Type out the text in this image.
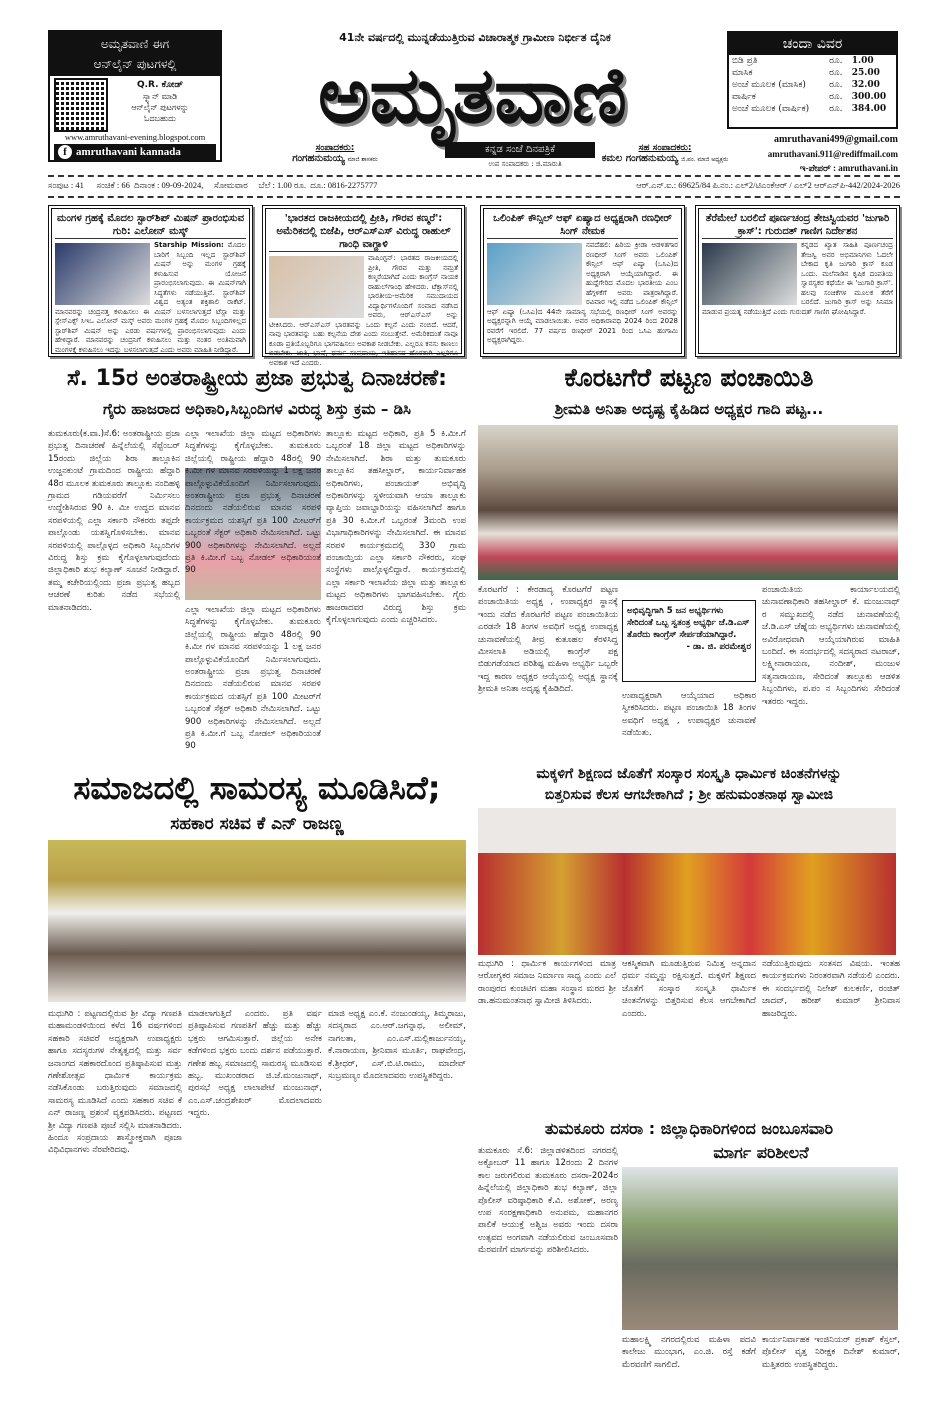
ಅಮೃತವಾಣಿ ಈಗ
ಆನ್‌ಲೈನ್ ಪುಟಗಳಲ್ಲಿ
Q.R. ಕೋಡ್
ಸ್ಕ್ಯಾನ್ ಮಾಡಿ
ಆನ್‌ಲೈನ್ ಪುಟಗಳನ್ನು
ಓದಬಹುದು
www.amruthavani-evening.blogspot.com
f amruthavani kannada
41ನೇ ವರ್ಷದಲ್ಲಿ ಮುನ್ನಡೆಯುತ್ತಿರುವ ವಿಚಾರಾತ್ಮಕ ಗ್ರಾಮೀಣ ನಿರ್ಭೀತ ದೈನಿಕ
ಅಮೃತವಾಣಿ
ಕನ್ನಡ ಸಂಜೆ ದಿನಪತ್ರಿಕೆ
ಉಪ ಸಂಪಾದಕರು : ಜಿ.ಮಾರುತಿ
ಸಂಪಾದಕರು:
ಗಂಗಹನುಮಯ್ಯ ಮಾಜಿ ಶಾಸಕರು
ಸಹ ಸಂಪಾದಕರು:
ಕಮಲ ಗಂಗಹನುಮಯ್ಯ ಜಿ.ಪಂ. ಮಾಜಿ ಅಧ್ಯಕ್ಷರು
ಚಂದಾ ವಿವರ
ಬಿಡಿ ಪ್ರತಿ	ರೂ.	1.00
ಮಾಸಿಕ	ರೂ.	25.00
ಅಂಚೆ ಮೂಲಕ (ಮಾಸಿಕ)	ರೂ.	32.00
ವಾರ್ಷಿಕ	ರೂ.	300.00
ಅಂಚೆ ಮೂಲಕ (ವಾರ್ಷಿಕ)	ರೂ.	384.00
amruthavani499@gmail.com
amruthavani.911@rediffmail.com
ಇ-ಪೇಪರ್ : amruthavani.in
ಸಂಪುಟ : 41      ಸಂಚಿಕೆ : 66  ದಿನಾಂಕ : 09-09-2024,     ಸೋಮವಾರ     ಬೆಲೆ : 1.00 ರೂ.  ದೂ.: 0816-2275777	ಆರ್.ಎನ್.ಐ.: 69625/84 ಪಿ.ನಂ.: ಎಲ್2/ಟಿಎಂಕೆಆರ್ / ಎಲ್2 ಆರ್‌ಎನ್‌ಪಿ-442/2024-2026
ಮಂಗಳ ಗ್ರಹಕ್ಕೆ ಮೊದಲ ಸ್ಟಾರ್‌ಶಿಪ್ ಮಿಷನ್ ಪ್ರಾರಂಭಿಸುವ ಗುರಿ: ಎಲೋನ್ ಮಸ್ಕ್
Starship Mission: ಮೊದಲ ಬಾರಿಗೆ ಸಿಬ್ಬಂದಿ ಇಲ್ಲದ ಸ್ಟಾರ್‌ಶಿಪ್ ಮಿಷನ್ ಅನ್ನು ಮಂಗಳ ಗ್ರಹಕ್ಕೆ ಕಳುಹಿಸುವ ಯೋಜನೆ ಪ್ರಾರಂಭಿಸಲಾಗುವುದು. ಈ ಮಿಷನ್‌ಗಾಗಿ ಸಿದ್ಧತೆಗಳು ನಡೆಯುತ್ತಿವೆ. ಸ್ಟಾರ್‌ಶಿಪ್ ವಿಶ್ವದ ಅತ್ಯಂತ ಶಕ್ತಿಶಾಲಿ ರಾಕೆಟ್. ಮಾನವರನ್ನು ಚಂದ್ರನತ್ತ ಕಳುಹಿಸಲು ಈ ಮಿಷನ್ ಬಳಸಲಾಗುತ್ತದೆ ಟೆಸ್ಲಾ ಮತ್ತು ಸ್ಪೇಸ್‌ಎಕ್ಸ್ ಸಿಇಒ ಎಲೋನ್ ಮಸ್ಕ್ ಅವರು ಮಂಗಳ ಗ್ರಹಕ್ಕೆ ಮೊದಲ ಸಿಬ್ಬಂದಿಗಳಿಲ್ಲದ ಸ್ಟಾರ್‌ಶಿಪ್ ಮಿಷನ್ ಅನ್ನು ಎರಡು ವರ್ಷಗಳಲ್ಲಿ ಪ್ರಾರಂಭಿಸಲಾಗುವುದು ಎಂದು ಹೇಳಿದ್ದಾರೆ. ಮಾನವರನ್ನು ಚಂದ್ರನಿಗೆ ಕಳುಹಿಸಲು ಮತ್ತು ನಂತರ ಅಂತಿಮವಾಗಿ ಮಂಗಳಕ್ಕೆ ಕಳುಹಿಸಲು ಇದನ್ನು ಬಳಸಲಾಗುತ್ತದೆ ಎಂದು ಅವರು ಮಾಹಿತಿ ನೀಡಿದ್ದಾರೆ.
'ಭಾರತದ ರಾಜಕೀಯದಲ್ಲಿ ಪ್ರೀತಿ, ಗೌರವ ಕಣ್ಮರೆ': ಅಮೆರಿಕದಲ್ಲಿ ಬಿಜೆಪಿ, ಆರ್‌ಎಸ್‌ಎಸ್ ವಿರುದ್ಧ ರಾಹುಲ್ ಗಾಂಧಿ ವಾಗ್ದಾಳಿ
ವಾಷಿಂಗ್ಟನ್: ಭಾರತದ ರಾಜಕೀಯದಲ್ಲಿ ಪ್ರೀತಿ, ಗೌರವ ಮತ್ತು ನಮ್ರತೆ ಕಣ್ಮರೆಯಾಗಿದೆ ಎಂದು ಕಾಂಗ್ರೆಸ್ ನಾಯಕ ರಾಹುಲ್‌ಗಾಂಧಿ ಹೇಳಿದರು. ಟೆಕ್ಸಾಸ್‌ನಲ್ಲಿ ಭಾರತೀಯ-ಅಮೆರಿಕ ಸಮುದಾಯದ ವಿದ್ಯಾರ್ಥಿಗಳೊಂದಿಗೆ ಸಂವಾದ ನಡೆಸಿದ ಅವರು, ಆರ್‌ಎಸ್‌ಎಸ್ ಅನ್ನು ಟೀಕಿಸಿದರು. ಆರ್‌ಎಸ್‌ಎಸ್ ಭಾರತವನ್ನು ಒಂದು ಕಲ್ಪನೆ ಎಂದು ನಂಬಿದೆ. ಆದರೆ, ನಾವು ಭಾರತವನ್ನು ಬಹು ಕಲ್ಪನೆಯ ದೇಶ ಎಂದು ನಂಬುತ್ತೇವೆ. ಅಮೆರಿಕದಂತೆ ನಾವೂ ಕೂಡಾ ಪ್ರತಿಯೊಬ್ಬರಿಗೂ ಭಾಗವಹಿಸಲು ಅವಕಾಶ ನೀಡಬೇಕು. ಎಲ್ಲರೂ ಕನಸು ಕಾಣಲು ಬಿಡಬೇಕು. ಜಾತಿ, ಭಾಷೆ, ಧರ್ಮ ಸಂಪ್ರದಾಯ, ಇತಿಹಾಸದ ಹೊರತಾಗಿ ಎಲ್ಲರಿಗೂ ಅವಕಾಶ ಇದೆ ಎಂದರು.
ಒಲಿಂಪಿಕ್ ಕೌನ್ಸಿಲ್ ಆಫ್ ಏಷ್ಯಾದ ಅಧ್ಯಕ್ಷರಾಗಿ ರಣಧೀರ್ ಸಿಂಗ್ ನೇಮಕ
ನವದೆಹಲಿ: ಹಿರಿಯ ಕ್ರೀಡಾ ಆಡಳಿತಗಾರ ರಣಧೀರ್ ಸಿಂಗ್ ಅವರು ಒಲಿಂಪಿಕ್ ಕೌನ್ಸಿಲ್ ಆಫ್ ಏಷ್ಯಾ (ಒಸಿಎ)ದ ಅಧ್ಯಕ್ಷರಾಗಿ ಆಯ್ಕೆಯಾಗಿದ್ದಾರೆ. ಈ ಹುದ್ದೆಗೇರಿದ ಮೊದಲ ಭಾರತೀಯ ಎಂಬ ಹೆಗ್ಗಳಿಕೆಗೆ ಅವರು ಪಾತ್ರರಾಗಿದ್ದಾರೆ. ರವಿವಾರ ಇಲ್ಲಿ ನಡೆದ ಒಲಿಂಪಿಕ್ ಕೌನ್ಸಿಲ್ ಆಫ್ ಏಷ್ಯಾ (ಒಸಿಎ)ದ 44ನೇ ಸಾಮಾನ್ಯ ಸಭೆಯಲ್ಲಿ ರಣಧೀರ್ ಸಿಂಗ್ ಅವರನ್ನು ಅಧ್ಯಕ್ಷರನ್ನಾಗಿ ಆಯ್ಕೆ ಮಾಡಲಾಯಿತು. ಅವರ ಅಧಿಕಾರಾವಧಿ 2024 ರಿಂದ 2028 ರವರೆಗೆ ಇರಲಿದೆ. 77 ವರ್ಷದ ರಣಧೀರ್ 2021 ರಿಂದ ಒಸಿಎ ಹಂಗಾಮಿ ಅಧ್ಯಕ್ಷರಾಗಿದ್ದರು.
ತೆರೆಮೇಲೆ ಬರಲಿದೆ ಪೂರ್ಣಚಂದ್ರ ತೇಜಸ್ವಿಯವರ 'ಜುಗಾರಿ ಕ್ರಾಸ್': ಗುರುದತ್ ಗಾಣಿಗ ನಿರ್ದೇಶನ
ಕನ್ನಡದ ಖ್ಯಾತ ಸಾಹಿತಿ ಪೂರ್ಣಚಂದ್ರ ತೇಜಸ್ವಿ ಅವರ ಅಭಿಮಾನಿಗಳು ಓದಲೇ ಬೇಕಾದ ಕೃತಿ ಜುಗಾರಿ ಕ್ರಾಸ್ ಕೂಡ ಒಂದು. ಮಲೆನಾಡಿನ ಕೃಷಿಕ ದಂಪತಿಯ ಸ್ವಾರಸ್ಯಕರ ಕಥೆಯೇ ಈ 'ಜುಗಾರಿ ಕ್ರಾಸ್'. ಹಲವು ಸಂಚಿಕೆಗಳ ಮೂಲಕ ತೆರೆಗೆ ಬರಲಿದೆ. ಜುಗಾರಿ ಕ್ರಾಸ್ ಅನ್ನು ಸಿನಿಮಾ ಮಾಡುವ ಪ್ರಯತ್ನ ನಡೆಯುತ್ತಿದೆ ಎಂದು ಗುರುದತ್ ಗಾಣಿಗ ಘೋಷಿಸಿದ್ದಾರೆ.
ಸೆ. 15ರ ಅಂತರಾಷ್ಟ್ರೀಯ ಪ್ರಜಾ ಪ್ರಭುತ್ವ ದಿನಾಚರಣೆ:
ಗೈರು ಹಾಜರಾದ ಅಧಿಕಾರಿ,ಸಿಬ್ಬಂದಿಗಳ ವಿರುದ್ಧ ಶಿಸ್ತು ಕ್ರಮ – ಡಿಸಿ
ತುಮಕೂರು(ಕ.ವಾ.)ಸೆ.6: ಅಂತರಾಷ್ಟ್ರೀಯ ಪ್ರಜಾ ಪ್ರಭುತ್ವ ದಿನಾಚರಣೆ ಹಿನ್ನೆಲೆಯಲ್ಲಿ ಸೆಪ್ಟೆಂಬರ್ 15ರಂದು ಜಿಲ್ಲೆಯ ಶಿರಾ ತಾಲ್ಲೂಕಿನ ಉಜ್ಜನಕುಂಟೆ ಗ್ರಾಮದಿಂದ ರಾಷ್ಟ್ರೀಯ ಹೆದ್ದಾರಿ 48ರ ಮೂಲಕ ತುಮಕೂರು ತಾಲ್ಲೂಕು ನಂದಿಹಳ್ಳಿ ಗ್ರಾಮದ ಗಡಿಯವರೆಗೆ ನಿರ್ಮಿಸಲು ಉದ್ದೇಶಿಸಿರುವ 90 ಕಿ. ಮೀ ಉದ್ದದ ಮಾನವ ಸರಪಳಿಯಲ್ಲಿ ಎಲ್ಲಾ ಸರ್ಕಾರಿ ನೌಕರರು ತಪ್ಪದೇ ಪಾಲ್ಗೊಂಡು ಯಶಸ್ವಿಗೊಳಿಸಬೇಕು. ಮಾನವ ಸರಪಳಿಯಲ್ಲಿ ಪಾಲ್ಗೊಳ್ಳದ ಅಧಿಕಾರಿ ಸಿಬ್ಬಂದಿಗಳ ವಿರುದ್ಧ ಶಿಸ್ತು ಕ್ರಮ ಕೈಗೊಳ್ಳಲಾಗುವುದೆಂದು ಜಿಲ್ಲಾಧಿಕಾರಿ ಶುಭ ಕಲ್ಯಾಣ್ ಸೂಚನೆ ನೀಡಿದ್ದಾರೆ. ತಮ್ಮ ಕಚೇರಿಯಲ್ಲಿಂದು ಪ್ರಜಾ ಪ್ರಭುತ್ವ ಹಬ್ಬದ ಆಚರಣೆ ಕುರಿತು ನಡೆದ ಸಭೆಯಲ್ಲಿ ಮಾತನಾಡಿದರು.
ಎಲ್ಲಾ ಇಲಾಖೆಯ ಜಿಲ್ಲಾ ಮಟ್ಟದ ಅಧಿಕಾರಿಗಳು ಸಿದ್ಧತೆಗಳನ್ನು ಕೈಗೊಳ್ಳಬೇಕು. ತುಮಕೂರು ಜಿಲ್ಲೆಯಲ್ಲಿ ರಾಷ್ಟ್ರೀಯ ಹೆದ್ದಾರಿ 48ರಲ್ಲಿ 90 ಕಿ.ಮೀ ಗಳ ಮಾನವ ಸರಪಳಿಯನ್ನು 1 ಲಕ್ಷ ಜನರ ಪಾಲ್ಗೊಳ್ಳುವಿಕೆಯೊಂದಿಗೆ ನಿರ್ಮಿಸಲಾಗುವುದು. ಅಂತರಾಷ್ಟ್ರೀಯ ಪ್ರಜಾ ಪ್ರಭುತ್ವ ದಿನಾಚರಣೆ ದಿನದಂದು ನಡೆಯಲಿರುವ ಮಾನವ ಸರಪಳಿ ಕಾರ್ಯಕ್ರಮದ ಯಶಸ್ಸಿಗೆ ಪ್ರತಿ 100 ಮೀಟರ್‌ಗೆ ಒಬ್ಬರಂತೆ ಸೆಕ್ಟರ್ ಅಧಿಕಾರಿ ನೇಮಿಸಲಾಗಿದೆ. ಒಟ್ಟು 900 ಅಧಿಕಾರಿಗಳನ್ನು ನೇಮಿಸಲಾಗಿದೆ. ಅಲ್ಲದೆ ಪ್ರತಿ ಕಿ.ಮೀ.ಗೆ ಒಬ್ಬ ನೋಡಲ್ ಅಧಿಕಾರಿಯಂತೆ 90
ಎಲ್ಲಾ ಇಲಾಖೆಯ ಜಿಲ್ಲಾ ಮಟ್ಟದ ಅಧಿಕಾರಿಗಳು ಸಿದ್ಧತೆಗಳನ್ನು ಕೈಗೊಳ್ಳಬೇಕು. ತುಮಕೂರು ಜಿಲ್ಲೆಯಲ್ಲಿ ರಾಷ್ಟ್ರೀಯ ಹೆದ್ದಾರಿ 48ರಲ್ಲಿ 90 ಕಿ.ಮೀ ಗಳ ಮಾನವ ಸರಪಳಿಯನ್ನು 1 ಲಕ್ಷ ಜನರ ಪಾಲ್ಗೊಳ್ಳುವಿಕೆಯೊಂದಿಗೆ ನಿರ್ಮಿಸಲಾಗುವುದು. ಅಂತರಾಷ್ಟ್ರೀಯ ಪ್ರಜಾ ಪ್ರಭುತ್ವ ದಿನಾಚರಣೆ ದಿನದಂದು ನಡೆಯಲಿರುವ ಮಾನವ ಸರಪಳಿ ಕಾರ್ಯಕ್ರಮದ ಯಶಸ್ಸಿಗೆ ಪ್ರತಿ 100 ಮೀಟರ್‌ಗೆ ಒಬ್ಬರಂತೆ ಸೆಕ್ಟರ್ ಅಧಿಕಾರಿ ನೇಮಿಸಲಾಗಿದೆ. ಒಟ್ಟು 900 ಅಧಿಕಾರಿಗಳನ್ನು ನೇಮಿಸಲಾಗಿದೆ. ಅಲ್ಲದೆ ಪ್ರತಿ ಕಿ.ಮೀ.ಗೆ ಒಬ್ಬ ನೋಡಲ್ ಅಧಿಕಾರಿಯಂತೆ 90
ತಾಲ್ಲೂಕು ಮಟ್ಟದ ಅಧಿಕಾರಿ, ಪ್ರತಿ 5 ಕಿ.ಮೀ.ಗೆ ಒಬ್ಬರಂತೆ 18 ಜಿಲ್ಲಾ ಮಟ್ಟದ ಅಧಿಕಾರಿಗಳನ್ನು ನೇಮಿಸಲಾಗಿದೆ. ಶಿರಾ ಮತ್ತು ತುಮಕೂರು ತಾಲ್ಲೂಕಿನ ತಹಸೀಲ್ದಾರ್, ಕಾರ್ಯನಿರ್ವಾಹಕ ಅಧಿಕಾರಿಗಳು, ಪಂಚಾಯತ್ ಅಭಿವೃದ್ಧಿ ಅಧಿಕಾರಿಗಳನ್ನು ಸ್ಥಳೀಯವಾಗಿ ಆಯಾ ತಾಲ್ಲೂಕು ವ್ಯಾಪ್ತಿಯ ಜವಾಬ್ದಾರಿಯನ್ನು ವಹಿಸಲಾಗಿದೆ ಹಾಗೂ ಪ್ರತಿ 30 ಕಿ.ಮೀ.ಗೆ ಒಬ್ಬರಂತೆ 3ಮಂದಿ ಉಪ ವಿಭಾಗಾಧಿಕಾರಿಗಳನ್ನು ನೇಮಿಸಲಾಗಿದೆ. ಈ ಮಾನವ ಸರಪಳಿ ಕಾರ್ಯಕ್ರಮದಲ್ಲಿ 330 ಗ್ರಾಮ ಪಂಚಾಯ್ತಿಯ ಎಲ್ಲಾ ಸರ್ಕಾರಿ ನೌಕರರು, ಸಂಘ ಸಂಸ್ಥೆಗಳು ಪಾಲ್ಗೊಳ್ಳಲಿದ್ದಾರೆ. ಕಾರ್ಯಕ್ರಮದಲ್ಲಿ ಎಲ್ಲಾ ಸರ್ಕಾರಿ ಇಲಾಖೆಯ ಜಿಲ್ಲಾ ಮತ್ತು ತಾಲ್ಲೂಕು ಮಟ್ಟದ ಅಧಿಕಾರಿಗಳು ಭಾಗವಹಿಸಬೇಕು. ಗೈರು ಹಾಜರಾದವರ ವಿರುದ್ಧ ಶಿಸ್ತು ಕ್ರಮ ಕೈಗೊಳ್ಳಲಾಗುವುದು ಎಂದು ಎಚ್ಚರಿಸಿದರು.
ಕೊರಟಗೆರೆ ಪಟ್ಟಣ ಪಂಚಾಯಿತಿ
ಶ್ರೀಮತಿ ಅನಿತಾ ಅದೃಷ್ಟ ಕೈಹಿಡಿದ ಅಧ್ಯಕ್ಷರ ಗಾದಿ ಪಟ್ಟ...
ಕೊರಟಗೆರೆ : ಕೇರಡಾದ್ಯ ಕೊರಟಗೆರೆ ಪಟ್ಟಣ ಪಂಚಾಯಿತಿಯ ಅಧ್ಯಕ್ಷ , ಉಪಾಧ್ಯಕ್ಷರ ಸ್ಥಾನಕ್ಕೆ ಇಂದು ನಡೆದ ಕೊರಟಗೆರೆ ಪಟ್ಟಣ ಪಂಚಾಯಿತಿಯ ಎರಡನೇ 18 ತಿಂಗಳ ಅವಧಿಗೆ ಅಧ್ಯಕ್ಷ ಉಪಾಧ್ಯಕ್ಷ ಚುನಾವಣೆಯಲ್ಲಿ ತೀವ್ರ ಕುತೂಹಲ ಕೆರಳಿಸಿದ್ದ ಮೀಸಲಾತಿ ಅಡಿಯಲ್ಲಿ ಕಾಂಗ್ರೆಸ್ ಪಕ್ಷ ಬಿಡುಗಡೆಯಾದ ಪರಿಶಿಷ್ಟ ಮಹಿಳಾ ಅಭ್ಯರ್ಥಿ ಒಬ್ಬರೇ ಇದ್ದ ಕಾರಣ ಅಧ್ಯಕ್ಷರ ಆಯ್ಕೆಯಲ್ಲಿ ಅಧ್ಯಕ್ಷ ಸ್ಥಾನಕ್ಕೆ ಶ್ರೀಮತಿ ಅನಿತಾ ಅದೃಷ್ಟ ಕೈಹಿಡಿದಿದೆ.
ಉಪಾಧ್ಯಕ್ಷರಾಗಿ ಆಯ್ಕೆಯಾದ ಅಧಿಕಾರ ಸ್ವೀಕರಿಸಿದರು. ಪಟ್ಟಣ ಪಂಚಾಯಿತಿ 18 ತಿಂಗಳ ಅವಧಿಗೆ ಅಧ್ಯಕ್ಷ , ಉಪಾಧ್ಯಕ್ಷರ ಚುನಾವಣೆ ನಡೆಯಿತು.
ಅಭಿವೃದ್ಧಿಗಾಗಿ 5 ಜನ ಅಭ್ಯರ್ಥಿಗಳು ಸೇರಿದಂತೆ ಒಬ್ಬ ಸ್ವತಂತ್ರ ಅಭ್ಯರ್ಥಿ ಜೆ.ಡಿ.ಎಸ್ ತೊರೆದು ಕಾಂಗ್ರೆಸ್ ಸೇರ್ಪಡೆಯಾಗಿದ್ದಾರೆ.
- ಡಾ. ಜಿ. ಪರಮೇಶ್ವರ
ಪಂಚಾಯಿತಿಯ ಕಾರ್ಯಾಲಯದಲ್ಲಿ ಚುನಾವಣಾಧಿಕಾರಿ ತಹಸೀಲ್ದಾರ್ ಕೆ. ಮಂಜುನಾಥ್ ರ ಸಮ್ಮುಖದಲ್ಲಿ ನಡೆದ ಚುನಾವಣೆಯಲ್ಲಿ ಜೆ.ಡಿ.ಎಸ್ ಚೆಹ್ನೆಯ ಅಭ್ಯರ್ಥಿಗಳು ಚುನಾವಣೆಯಲ್ಲಿ ಅವಿರೋಧವಾಗಿ ಆಯ್ಕೆಯಾಗಿರುವ ಮಾಹಿತಿ ಬಂದಿದೆ. ಈ ಸಂದರ್ಭದಲ್ಲಿ ಸದಸ್ಯರಾದ ನಟರಾಜ್, ಲಕ್ಷ್ಮೀನಾರಾಯಣ, ನಂದೀಶ್, ಮಂಜುಳ ಸತ್ಯನಾರಾಯಣ, ಸೇರಿದಂತೆ ತಾಲ್ಲೂಕು ಆಡಳಿತ ಸಿಬ್ಬಂದಿಗಳು, ಪ.ಪಂ ನ ಸಿಬ್ಬಂದಿಗಳು ಸೇರಿದಂತೆ ಇತರರು ಇದ್ದರು.
ಸಮಾಜದಲ್ಲಿ ಸಾಮರಸ್ಯ ಮೂಡಿಸಿದೆ;
ಸಹಕಾರ ಸಚಿವ ಕೆ ಎನ್ ರಾಜಣ್ಣ
ಮಧುಗಿರಿ : ಪಟ್ಟಣದಲ್ಲಿರುವ ಶ್ರೀ ವಿದ್ಯಾ ಗಣಪತಿ ಮಹಾಮಂಡಳಿಯಿಂದ ಕಳೆದ 16 ವರ್ಷಗಳಿಂದ ಸಹಕಾರಿ ಸಚಿವರೆ ಅಧ್ಯಕ್ಷರಾಗಿ ಉಪಾಧ್ಯಕ್ಷರು ಹಾಗೂ ಸದಸ್ಯರುಗಳ ನೇತೃತ್ವದಲ್ಲಿ ಮತ್ತು ಸರ್ವ ಜನಾಂಗದ ಸಹಕಾರದೊಂದ ಪ್ರತಿಷ್ಠಾಪಿಸುವ ಮತ್ತು ಗಣೇಶೋತ್ಸವ ಧಾರ್ಮಿಕ ಕಾರ್ಯಕ್ರಮ ನಡೆಸಿಕೊಂಡು ಬರುತ್ತಿರುವುದು ಸಮಾಜದಲ್ಲಿ ಸಾಮರಸ್ಯ ಮೂಡಿಸಿದೆ ಎಂದು ಸಹಕಾರ ಸಚಿವ ಕೆ ಎನ್ ರಾಜಣ್ಣ ಪ್ರಶಂಸೆ ವ್ಯಕ್ತಪಡಿಸಿದರು. ಪಟ್ಟಣದ ಶ್ರೀ ವಿದ್ಯಾ ಗಣಪತಿ ಪೂಜೆ ಸಲ್ಲಿಸಿ ಮಾತನಾಡಿದರು. ಹಿಂದೂ ಸಂಪ್ರದಾಯ ಶಾಸ್ತ್ರೋಕ್ತವಾಗಿ ಪೂಜಾ ವಿಧಿವಿಧಾನಗಳು ನೆರವೇರಿದವು.
ಮಾಡಲಾಗುತ್ತಿದೆ ಎಂದರು. ಪ್ರತಿ ವರ್ಷ ಪ್ರತಿಷ್ಠಾಪಿಸುವ ಗಣಪತಿಗೆ ಹೆಚ್ಚು ಮತ್ತು ಹೆಚ್ಚು ಭಕ್ತರು ಆಗಮಿಸುತ್ತಾರೆ. ಜಿಲ್ಲೆಯ ಅನೇಕ ಕಡೆಗಳಿಂದ ಭಕ್ತರು ಬಂದು ದರ್ಶನ ಪಡೆಯುತ್ತಾರೆ. ಗಣೇಶ ಹಬ್ಬ ಸಮಾಜದಲ್ಲಿ ಸಾಮರಸ್ಯ ಮೂಡಿಸುವ ಹಬ್ಬ. ಮುಖಂಡರಾದ ಜಿ.ಜೆ.ಮಂಜುನಾಥ್, ಪುರಸಭೆ ಅಧ್ಯಕ್ಷ ಲಾಲಾಪೇಟೆ ಮಂಜುನಾಥ್, ಎಂ.ಎಸ್.ಚಂದ್ರಶೇಖರ್ ಮೊದಲಾದವರು ಇದ್ದರು.
ಮಾಜಿ ಅಧ್ಯಕ್ಷ ಎಂ.ಕೆ. ನಂಜುಂಡಯ್ಯ, ತಿಮ್ಮರಾಜು, ಸದಸ್ಯರಾದ ಎಂ.ಆರ್.ಜಗನ್ನಾಥ, ಅಲೀಮ್, ನಾಗಲತಾ, ಎಂ.ಎಸ್.ಮಲ್ಲಿಕಾರ್ಜುನಯ್ಯ, ಕೆ.ನಾರಾಯಣ, ಶ್ರೀನಿವಾಸ ಮೂರ್ತಿ, ರಾಘವೇಂದ್ರ, ಕೆ.ಶ್ರೀಧರ್, ಎಸ್.ಬಿ.ಟಿ.ರಾಮು, ಮಾದೇವ್ ಸುಬ್ರಮಣ್ಯಂ ಮೊದಲಾದವರು ಉಪಸ್ಥಿತರಿದ್ದರು.
ಮಕ್ಕಳಿಗೆ ಶಿಕ್ಷಣದ ಜೊತೆಗೆ ಸಂಸ್ಕಾರ ಸಂಸ್ಕೃತಿ ಧಾರ್ಮಿಕ ಚಿಂತನೆಗಳನ್ನು
ಬಿತ್ತರಿಸುವ ಕೆಲಸ ಆಗಬೇಕಾಗಿದೆ ; ಶ್ರೀ ಹನುಮಂತನಾಥ ಸ್ವಾಮೀಜಿ
ಮಧುಗಿರಿ : ಧಾರ್ಮಿಕ ಕಾರ್ಯಗಳಿಂದ ಮಾತ್ರ ಆರೋಗ್ಯಕರ ಸಮಾಜ ನಿರ್ಮಾಣ ಸಾಧ್ಯ ಎಂದು ಎಲೆ ರಾಂಪುರದ ಕುಂಚಿಟಿಗ ಮಹಾ ಸಂಸ್ಥಾನ ಮಠದ ಶ್ರೀ ಡಾ.ಹನುಮಂತನಾಥ ಸ್ವಾಮೀಜಿ ತಿಳಿಸಿದರು.
ಆಕಸ್ಮಿಕವಾಗಿ ಮೂಡುತ್ತಿರುವ ನಿಮಿತ್ತ ಅನ್ನದಾನ ಧರ್ಮ ನಮ್ಮನ್ನು ರಕ್ಷಿಸುತ್ತದೆ. ಮಕ್ಕಳಿಗೆ ಶಿಕ್ಷಣದ ಜೊತೆಗೆ ಸಂಸ್ಕಾರ ಸಂಸ್ಕೃತಿ ಧಾರ್ಮಿಕ ಚಿಂತನೆಗಳನ್ನು ಬಿತ್ತರಿಸುವ ಕೆಲಸ ಆಗಬೇಕಾಗಿದೆ ಎಂದರು.
ನಡೆಯುತ್ತಿರುವುದು ಸಂತಸದ ವಿಷಯ. ಇಂತಹ ಕಾರ್ಯಕ್ರಮಗಳು ನಿರಂತರವಾಗಿ ನಡೆಯಲಿ ಎಂದರು. ಈ ಸಂದರ್ಭದಲ್ಲಿ ನಿಲೇಶ್ ಕುಲಕರ್ಣಿ, ರಂಜಿತ್ ಜಾದವ್, ಹರೀಶ್ ಕುಮಾರ್ ಶ್ರೀನಿವಾಸ ಹಾಜರಿದ್ದರು.
ತುಮಕೂರು ದಸರಾ : ಜಿಲ್ಲಾಧಿಕಾರಿಗಳಿಂದ ಜಂಬೂಸವಾರಿ
ಮಾರ್ಗ ಪರಿಶೀಲನೆ
ತುಮಕೂರು ಸೆ.6: ಜಿಲ್ಲಾಡಳಿತದಿಂದ ನಗರದಲ್ಲಿ ಅಕ್ಟೋಬರ್ 11 ಹಾಗೂ 12ರಂದು 2 ದಿನಗಳ ಕಾಲ ಜರುಗಲಿರುವ ತುಮಕೂರು ದಸರಾ-2024ರ ಹಿನ್ನೆಲೆಯಲ್ಲಿ ಜಿಲ್ಲಾಧಿಕಾರಿ ಶುಭ ಕಲ್ಯಾಣ್, ಜಿಲ್ಲಾ ಪೊಲೀಸ್ ವರಿಷ್ಠಾಧಿಕಾರಿ ಕೆ.ವಿ. ಅಶೋಕ್, ಅರಣ್ಯ ಉಪ ಸಂರಕ್ಷಣಾಧಿಕಾರಿ ಅನುಪಮ, ಮಹಾನಗರ ಪಾಲಿಕೆ ಆಯುಕ್ತೆ ಅಶ್ವಿಜ ಅವರು ಇಂದು ದಸರಾ ಉತ್ಸವದ ಅಂಗವಾಗಿ ನಡೆಯಲಿರುವ ಜಂಬೂಸವಾರಿ ಮೆರವಣಿಗೆ ಮಾರ್ಗವನ್ನು ಪರಿಶೀಲಿಸಿದರು.
ಮಹಾಲಕ್ಷ್ಮಿ ನಗರದಲ್ಲಿರುವ ಮಹಿಳಾ ಪದವಿ ಕಾಲೇಜು ಮುಂಭಾಗ, ಎಂ.ಜಿ. ರಸ್ತೆ ಕಡೆಗೆ ಮೆರವಣಿಗೆ ಸಾಗಲಿದೆ.
ಕಾರ್ಯನಿರ್ವಾಹಕ ಇಂಜಿನಿಯರ್ ಪ್ರಕಾಶ್ ಕೆಸ್ತಲ್, ಪೊಲೀಸ್ ವೃತ್ತ ನಿರೀಕ್ಷಕ ದಿನೇಶ್ ಕುಮಾರ್, ಮತ್ತಿತರರು ಉಪಸ್ಥಿತರಿದ್ದರು.
